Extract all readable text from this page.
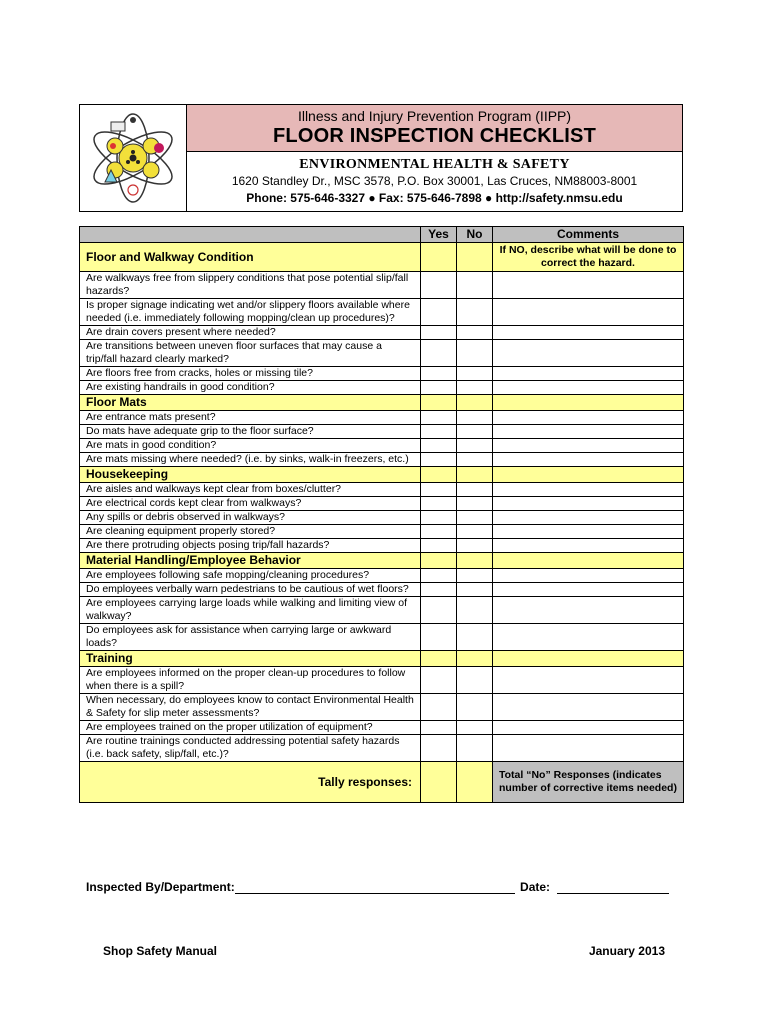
Illness and Injury Prevention Program (IIPP)
FLOOR INSPECTION CHECKLIST
ENVIRONMENTAL HEALTH & SAFETY
1620 Standley Dr., MSC 3578, P.O. Box 30001, Las Cruces, NM88003-8001
Phone: 575-646-3327 ● Fax: 575-646-7898 ● http://safety.nmsu.edu
	Yes	No	Comments
Floor and Walkway Condition			If NO, describe what will be done to correct the hazard.
Are walkways free from slippery conditions that pose potential slip/fall hazards?			
Is proper signage indicating wet and/or slippery floors available where needed (i.e. immediately following mopping/clean up procedures)?			
Are drain covers present where needed?			
Are transitions between uneven floor surfaces that may cause a trip/fall hazard clearly marked?			
Are floors free from cracks, holes or missing tile?			
Are existing handrails in good condition?			
Floor Mats			
Are entrance mats present?			
Do mats have adequate grip to the floor surface?			
Are mats in good condition?			
Are mats missing where needed? (i.e. by sinks, walk-in freezers, etc.)			
Housekeeping			
Are aisles and walkways kept clear from boxes/clutter?			
Are electrical cords kept clear from walkways?			
Any spills or debris observed in walkways?			
Are cleaning equipment properly stored?			
Are there protruding objects posing trip/fall hazards?			
Material Handling/Employee Behavior			
Are employees following safe mopping/cleaning procedures?			
Do employees verbally warn pedestrians to be cautious of wet floors?			
Are employees carrying large loads while walking and limiting view of walkway?			
Do employees ask for assistance when carrying large or awkward loads?			
Training			
Are employees informed on the proper clean-up procedures to follow when there is a spill?			
When necessary, do employees know to contact Environmental Health & Safety for slip meter assessments?			
Are employees trained on the proper utilization of equipment?			
Are routine trainings conducted addressing potential safety hazards (i.e. back safety, slip/fall, etc.)?			
Tally responses:			Total “No” Responses (indicates number of corrective items needed)
Inspected By/Department:	Date:
Shop Safety Manual	January 2013
